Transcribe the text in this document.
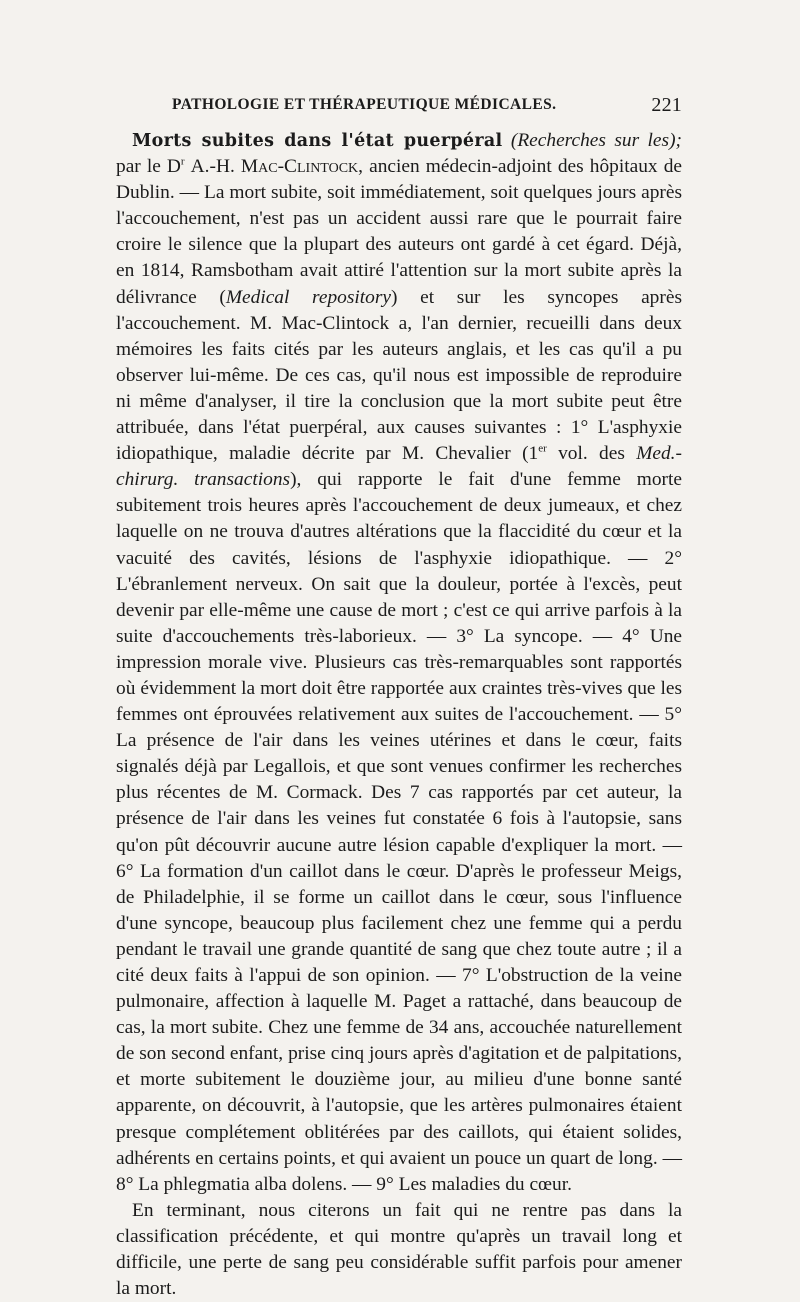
PATHOLOGIE ET THÉRAPEUTIQUE MÉDICALES.	221

Morts subites dans l'état puerpéral (Recherches sur les); par le $D^r$ A.-H. Mac-Clintock, ancien médecin-adjoint des hôpitaux de Dublin. — La mort subite, soit immédiatement, soit quelques jours après l'accouchement, n'est pas un accident aussi rare que le pourrait faire croire le silence que la plupart des auteurs ont gardé à cet égard. Déjà, en 1814, Ramsbotham avait attiré l'attention sur la mort subite après la délivrance (Medical repository) et sur les syncopes après l'accouchement. M. Mac-Clintock a, l'an dernier, recueilli dans deux mémoires les faits cités par les auteurs anglais, et les cas qu'il a pu observer lui-même. De ces cas, qu'il nous est impossible de reproduire ni même d'analyser, il tire la conclusion que la mort subite peut être attribuée, dans l'état puerpéral, aux causes suivantes : 1° L'asphyxie idiopathique, maladie décrite par M. Chevalier (1er vol. des Med.-chirurg. transactions), qui rapporte le fait d'une femme morte subitement trois heures après l'accouchement de deux jumeaux, et chez laquelle on ne trouva d'autres altérations que la flaccidité du cœur et la vacuité des cavités, lésions de l'asphyxie idiopathique. — 2° L'ébranlement nerveux. On sait que la douleur, portée à l'excès, peut devenir par elle-même une cause de mort ; c'est ce qui arrive parfois à la suite d'accouchements très-laborieux. — 3° La syncope. — 4° Une impression morale vive. Plusieurs cas très-remarquables sont rapportés où évidemment la mort doit être rapportée aux craintes très-vives que les femmes ont éprouvées relativement aux suites de l'accouchement. — 5° La présence de l'air dans les veines utérines et dans le cœur, faits signalés déjà par Legallois, et que sont venues confirmer les recherches plus récentes de M. Cormack. Des 7 cas rapportés par cet auteur, la présence de l'air dans les veines fut constatée 6 fois à l'autopsie, sans qu'on pût découvrir aucune autre lésion capable d'expliquer la mort. — 6° La formation d'un caillot dans le cœur. D'après le professeur Meigs, de Philadelphie, il se forme un caillot dans le cœur, sous l'influence d'une syncope, beaucoup plus facilement chez une femme qui a perdu pendant le travail une grande quantité de sang que chez toute autre ; il a cité deux faits à l'appui de son opinion. — 7° L'obstruction de la veine pulmonaire, affection à laquelle M. Paget a rattaché, dans beaucoup de cas, la mort subite. Chez une femme de 34 ans, accouchée naturellement de son second enfant, prise cinq jours après d'agitation et de palpitations, et morte subitement le douzième jour, au milieu d'une bonne santé apparente, on découvrit, à l'autopsie, que les artères pulmonaires étaient presque complétement oblitérées par des caillots, qui étaient solides, adhérents en certains points, et qui avaient un pouce un quart de long. — 8° La phlegmatia alba dolens. — 9° Les maladies du cœur.

En terminant, nous citerons un fait qui ne rentre pas dans la classification précédente, et qui montre qu'après un travail long et difficile, une perte de sang peu considérable suffit parfois pour amener la mort.
